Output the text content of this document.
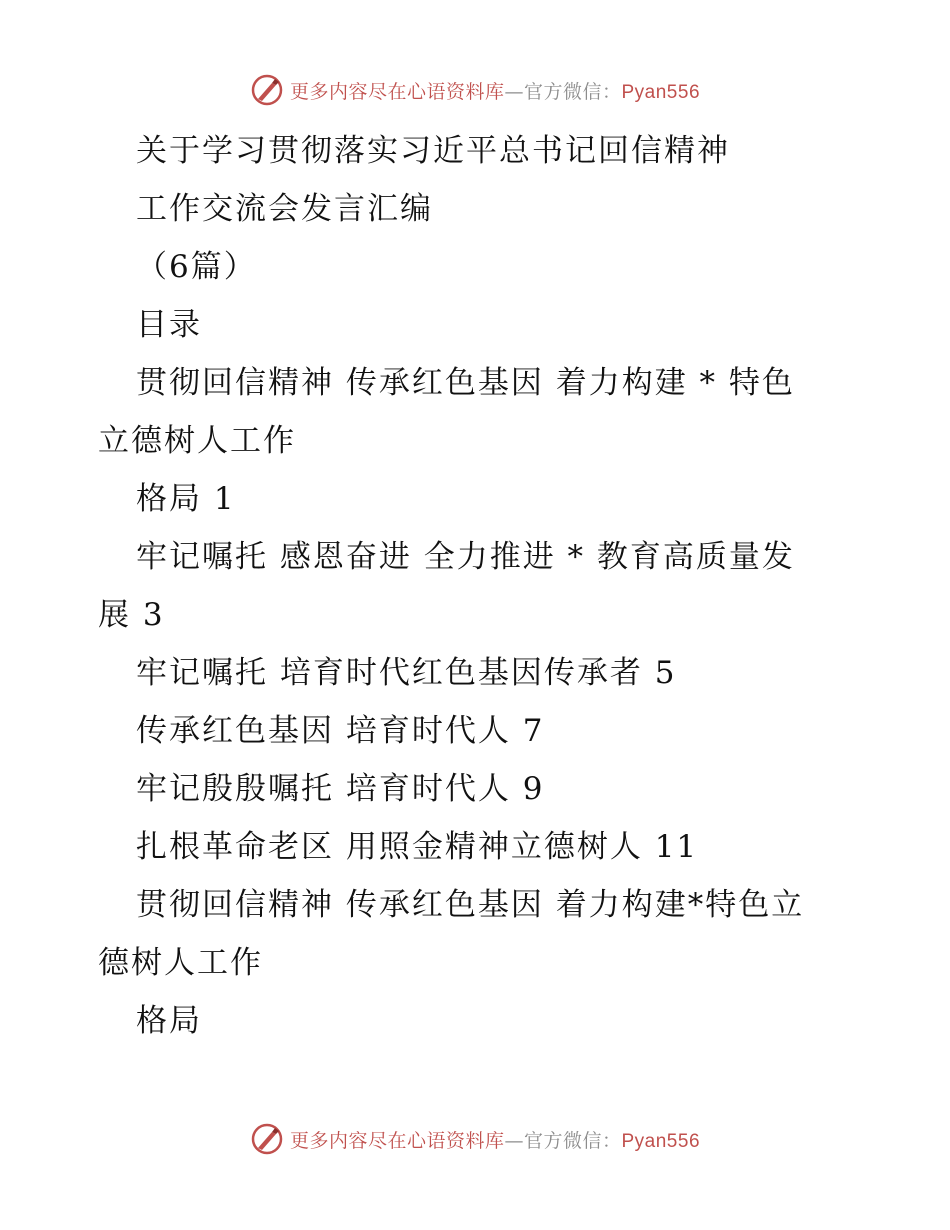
更多内容尽在心语资料库—官方微信：Pyan556
关于学习贯彻落实习近平总书记回信精神
工作交流会发言汇编
（6篇）
目录
贯彻回信精神 传承红色基因 着力构建 * 特色
立德树人工作
格局 1
牢记嘱托 感恩奋进 全力推进 * 教育高质量发
展 3
牢记嘱托 培育时代红色基因传承者 5
传承红色基因 培育时代人 7
牢记殷殷嘱托 培育时代人 9
扎根革命老区 用照金精神立德树人 11
贯彻回信精神 传承红色基因 着力构建*特色立
德树人工作
格局
更多内容尽在心语资料库—官方微信：Pyan556
